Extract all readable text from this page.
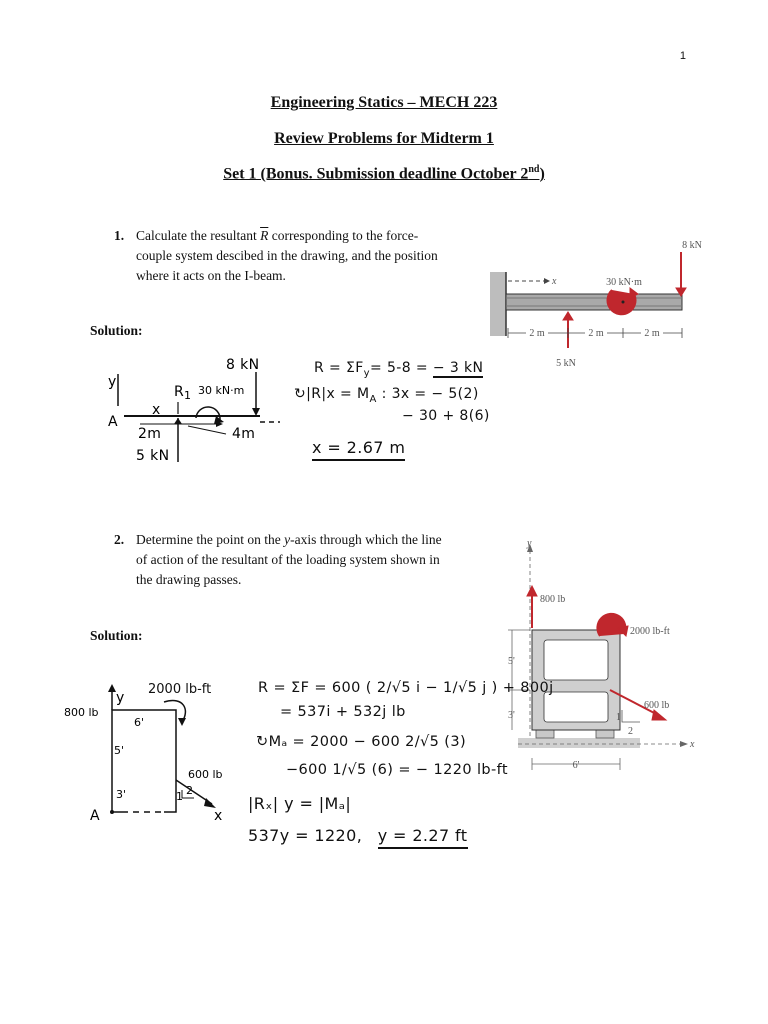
1
Engineering Statics – MECH 223
Review Problems for Midterm 1
Set 1 (Bonus. Submission deadline October 2nd)
1. Calculate the resultant $\overline{R}$ corresponding to the force-couple system descibed in the drawing, and the position where it acts on the I-beam.	x
8 kN
30 kN·m
5 kN
2 m	2 m	2 m
Solution:
y
A
x
2m	4m
5 kN
8 kN
R 1 30 kN·m
$R = \Sigma F_y= 5-8$ = − 3 kN
↻|R|x = $M_A$ : 3x = − 5(2)
− 30 + 8(6)
x = 2.67 m
2. Determine the point on the y-axis through which the line of action of the resultant of the loading system shown in the drawing passes.
y
x
800 lb
2000 lb-ft
600 lb
1
2
5'
3'
6'
Solution:
y
800 lb
6'
5'
3'
600 lb
1 2
A	x
2000 lb-ft	R = ΣF = 600 ( 2/√5 i − 1/√5 j ) + 800j
= 537i + 532j lb
↻Mₐ = 2000 − 600 2/√5 (3)
−600 1/√5 (6) = − 1220 lb-ft
|Rₓ| y = |Mₐ|
537y = 1220, y = 2.27 ft
